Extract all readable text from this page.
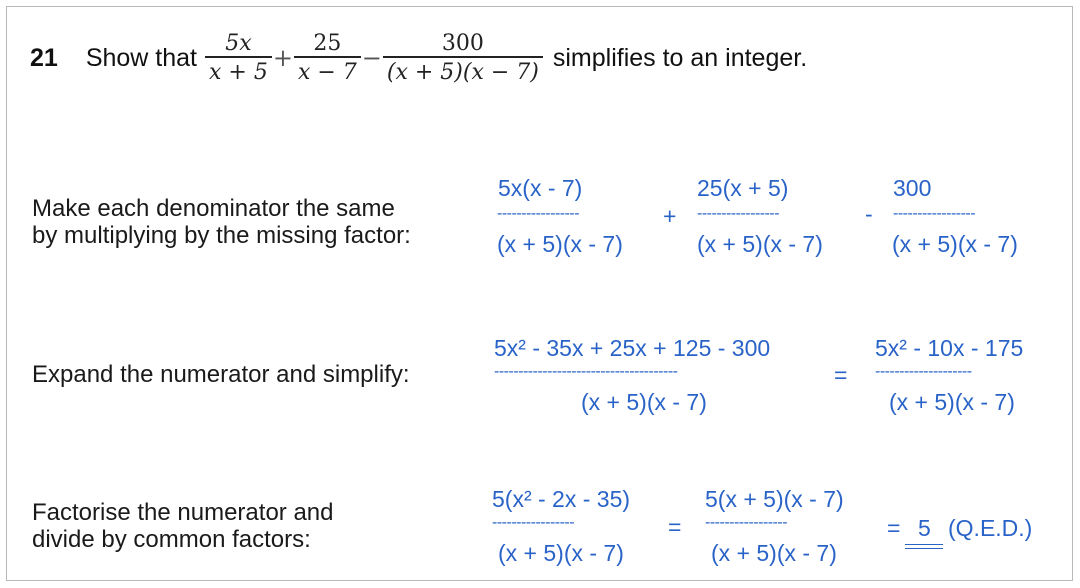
21 Show that	5x
x + 5
+
25
x − 7
−
300
(x + 5)(x − 7)
simplifies to an integer.
Make each denominator the same
by multiplying by the missing factor:
5x(x - 7)
-----------------
(x + 5)(x - 7)
+
25(x + 5)
-----------------
(x + 5)(x - 7)
-
300
-----------------
(x + 5)(x - 7)
Expand the numerator and simplify:
5x² - 35x + 25x + 125 - 300
--------------------------------------
(x + 5)(x - 7)
=
5x² - 10x - 175
--------------------
(x + 5)(x - 7)
Factorise the numerator and
divide by common factors:
5(x² - 2x - 35)
-----------------
(x + 5)(x - 7)
=
5(x + 5)(x - 7)
-----------------
(x + 5)(x - 7)
= 5 (Q.E.D.)
